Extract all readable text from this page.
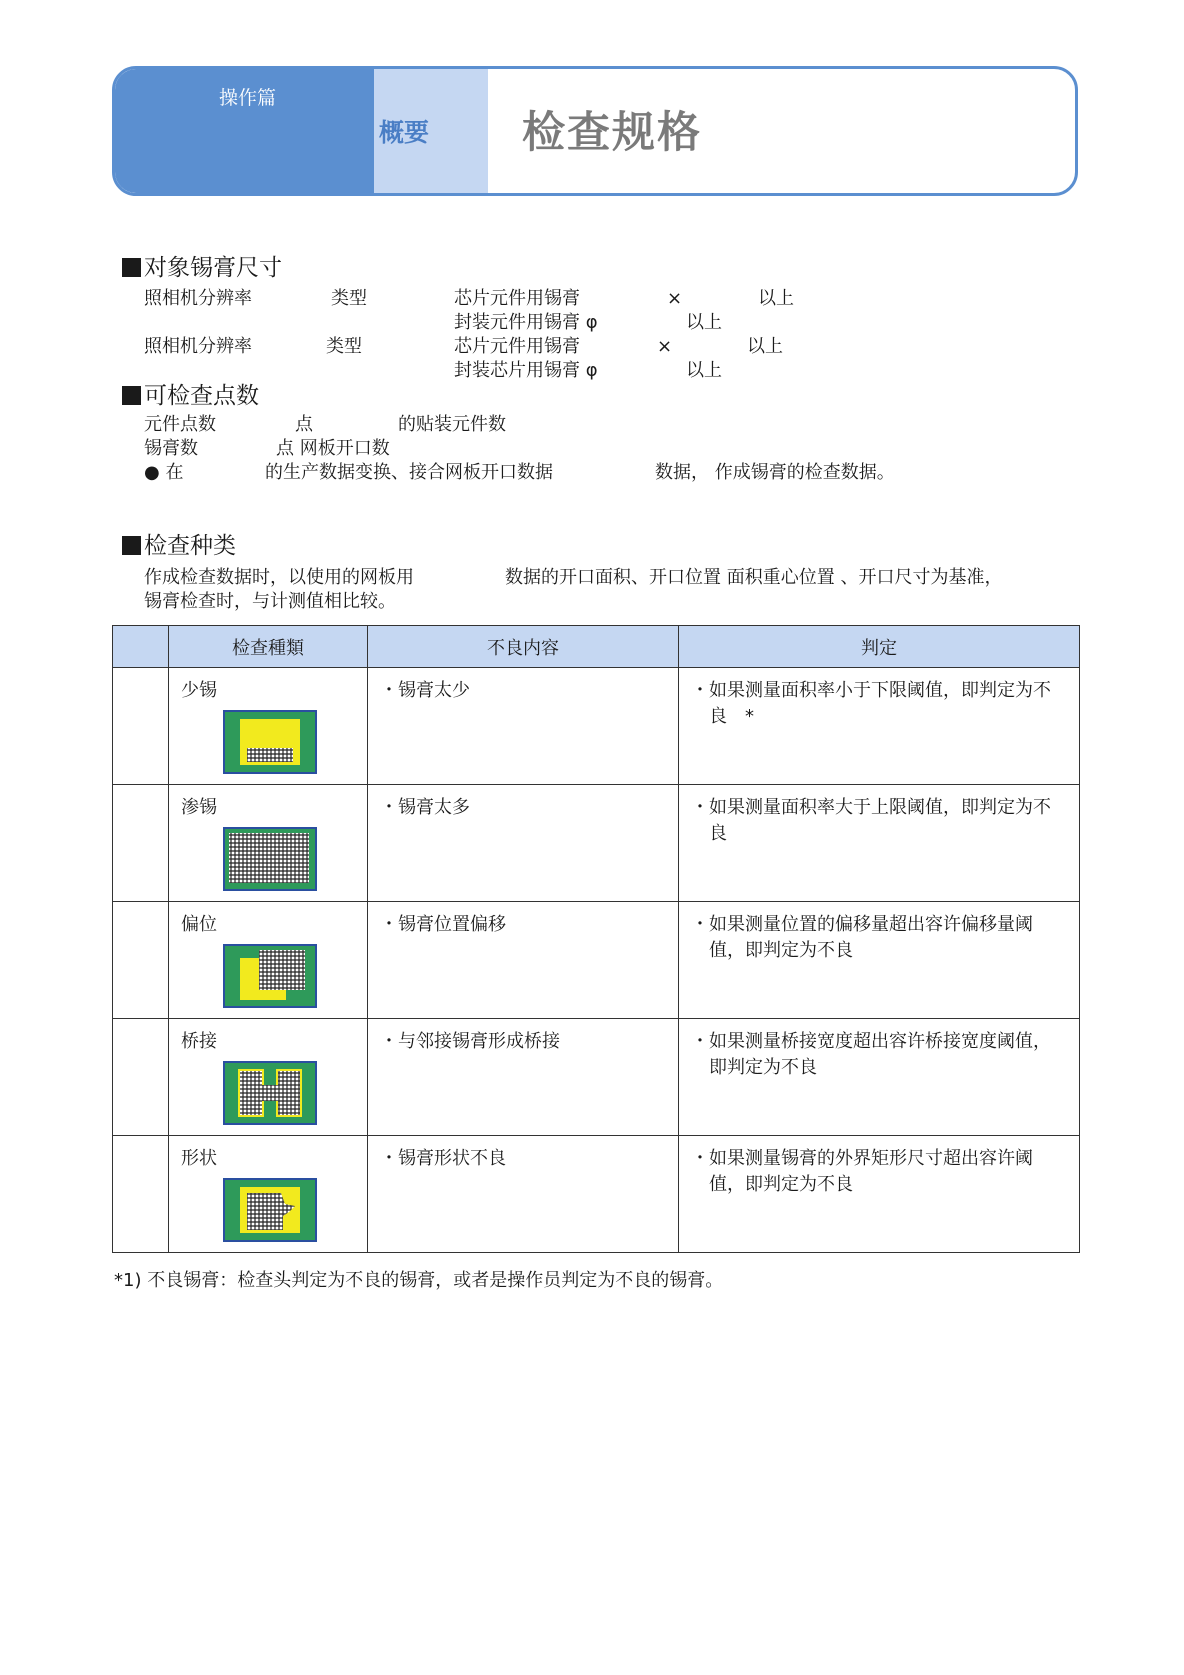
操作篇
概要 检查规格
对象锡膏尺寸
照相机分辨率	类型	芯片元件用锡膏	×	以上
封装元件用锡膏 φ	以上
照相机分辨率	类型	芯片元件用锡膏	×	以上
封装芯片用锡膏 φ	以上
可检查点数
元件点数	点	的贴装元件数
锡膏数	点 网板开口数
● 在	的生产数据变换、接合网板开口数据	数据， 作成锡膏的检查数据。
检查种类
作成检查数据时，以使用的网板用	数据的开口面积、开口位置 面积重心位置 、开口尺寸为基准，
锡膏检查时，与计测值相比较。
	检查種類	不良内容	判定

	少锡	・锡膏太少	・如果测量面积率小于下限阈值，即判定为不良　*

	渗锡	・锡膏太多	・如果测量面积率大于上限阈值，即判定为不良

	偏位	・锡膏位置偏移	・如果测量位置的偏移量超出容许偏移量阈值，即判定为不良

	桥接	・与邻接锡膏形成桥接	・如果测量桥接宽度超出容许桥接宽度阈值，即判定为不良

	形状	・锡膏形状不良	・如果测量锡膏的外界矩形尺寸超出容许阈值，即判定为不良
*1) 不良锡膏：检查头判定为不良的锡膏，或者是操作员判定为不良的锡膏。
